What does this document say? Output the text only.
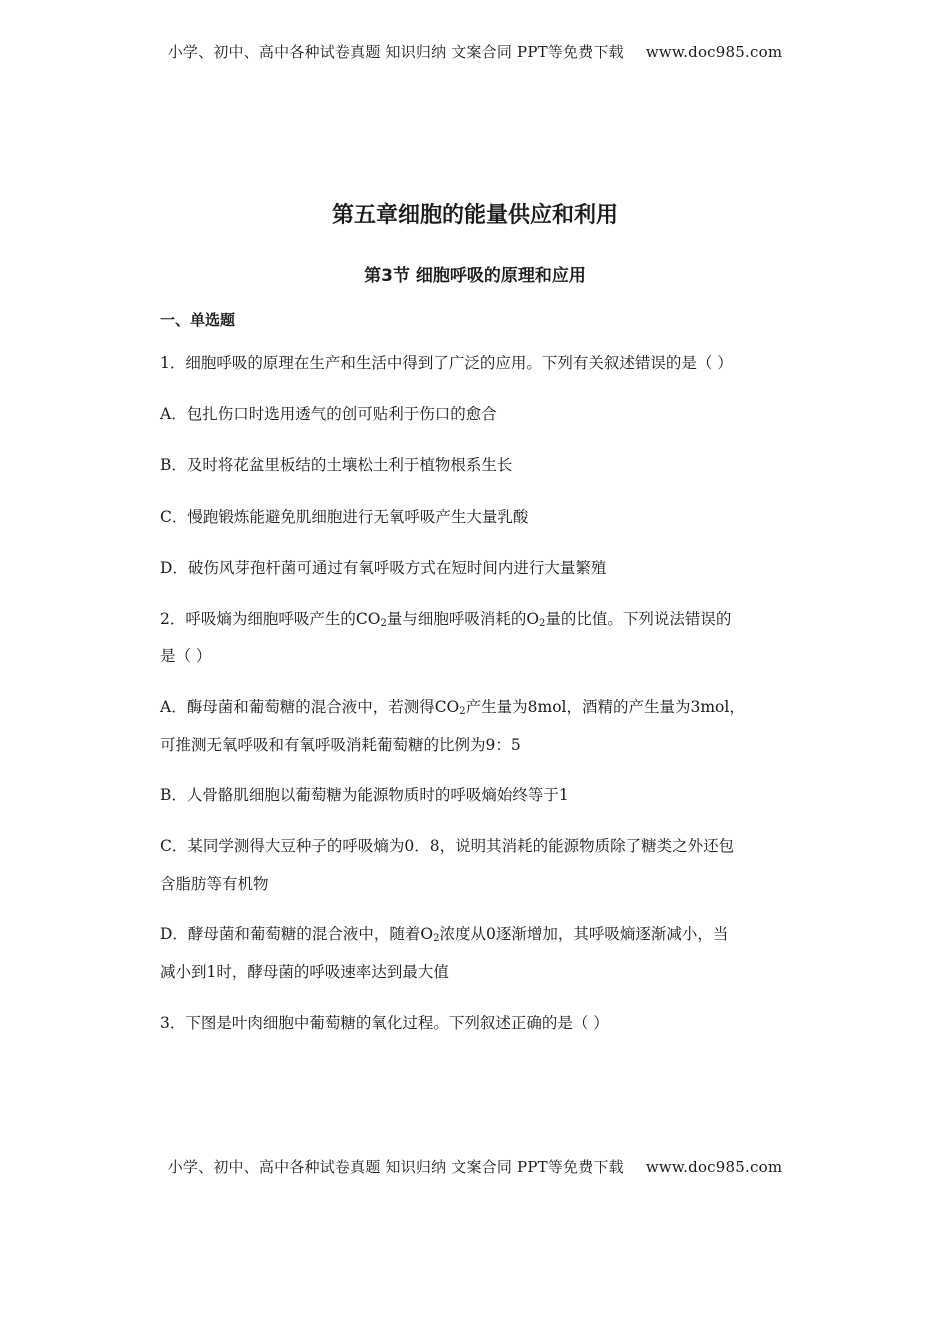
小学、初中、高中各种试卷真题 知识归纳 文案合同 PPT等免费下载 www.doc985.com
第五章细胞的能量供应和利用
第3节 细胞呼吸的原理和应用
一、单选题
1．细胞呼吸的原理在生产和生活中得到了广泛的应用。下列有关叙述错误的是（ ）
A．包扎伤口时选用透气的创可贴利于伤口的愈合
B．及时将花盆里板结的土壤松土利于植物根系生长
C．慢跑锻炼能避免肌细胞进行无氧呼吸产生大量乳酸
D．破伤风芽孢杆菌可通过有氧呼吸方式在短时间内进行大量繁殖
2．呼吸熵为细胞呼吸产生的$CO_2$量与细胞呼吸消耗的$O_2$量的比值。下列说法错误的
是（ ）
A．酶母菌和葡萄糖的混合液中，若测得$CO_2$产生量为8mol，酒精的产生量为3mol，
可推测无氧呼吸和有氧呼吸消耗葡萄糖的比例为9：5
B．人骨骼肌细胞以葡萄糖为能源物质时的呼吸熵始终等于1
C．某同学测得大豆种子的呼吸熵为0．8，说明其消耗的能源物质除了糖类之外还包
含脂肪等有机物
D．酵母菌和葡萄糖的混合液中，随着$O_2$浓度从0逐渐增加，其呼吸熵逐渐减小，当
减小到1时，酵母菌的呼吸速率达到最大值
3．下图是叶肉细胞中葡萄糖的氧化过程。下列叙述正确的是（ ）
小学、初中、高中各种试卷真题 知识归纳 文案合同 PPT等免费下载 www.doc985.com
